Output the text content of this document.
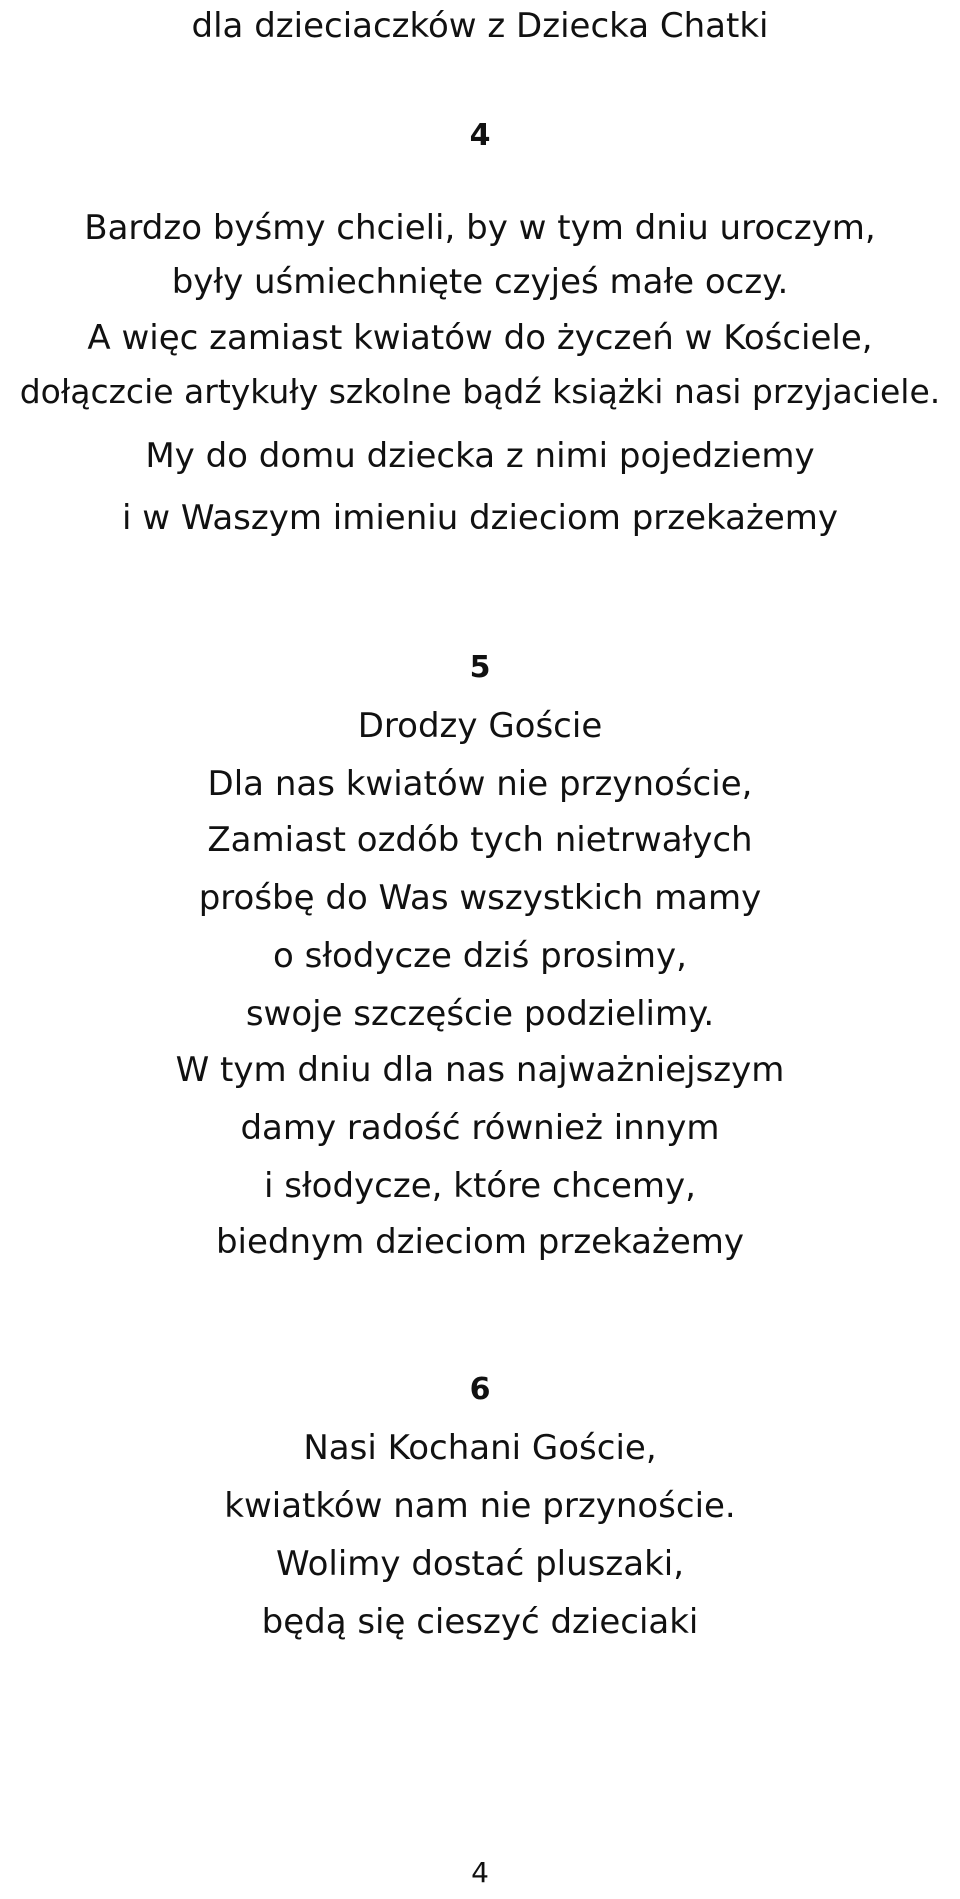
dla dzieciaczków z Dziecka Chatki
4
Bardzo byśmy chcieli, by w tym dniu uroczym,
były uśmiechnięte czyjeś małe oczy.
A więc zamiast kwiatów do życzeń w Kościele,
dołączcie artykuły szkolne bądź książki nasi przyjaciele.
My do domu dziecka z nimi pojedziemy
i w Waszym imieniu dzieciom przekażemy
5
Drodzy Goście
Dla nas kwiatów nie przynoście,
Zamiast ozdób tych nietrwałych
prośbę do Was wszystkich mamy
o słodycze dziś prosimy,
swoje szczęście podzielimy.
W tym dniu dla nas najważniejszym
damy radość również innym
i słodycze, które chcemy,
biednym dzieciom przekażemy
6
Nasi Kochani Goście,
kwiatków nam nie przynoście.
Wolimy dostać pluszaki,
będą się cieszyć dzieciaki
4
